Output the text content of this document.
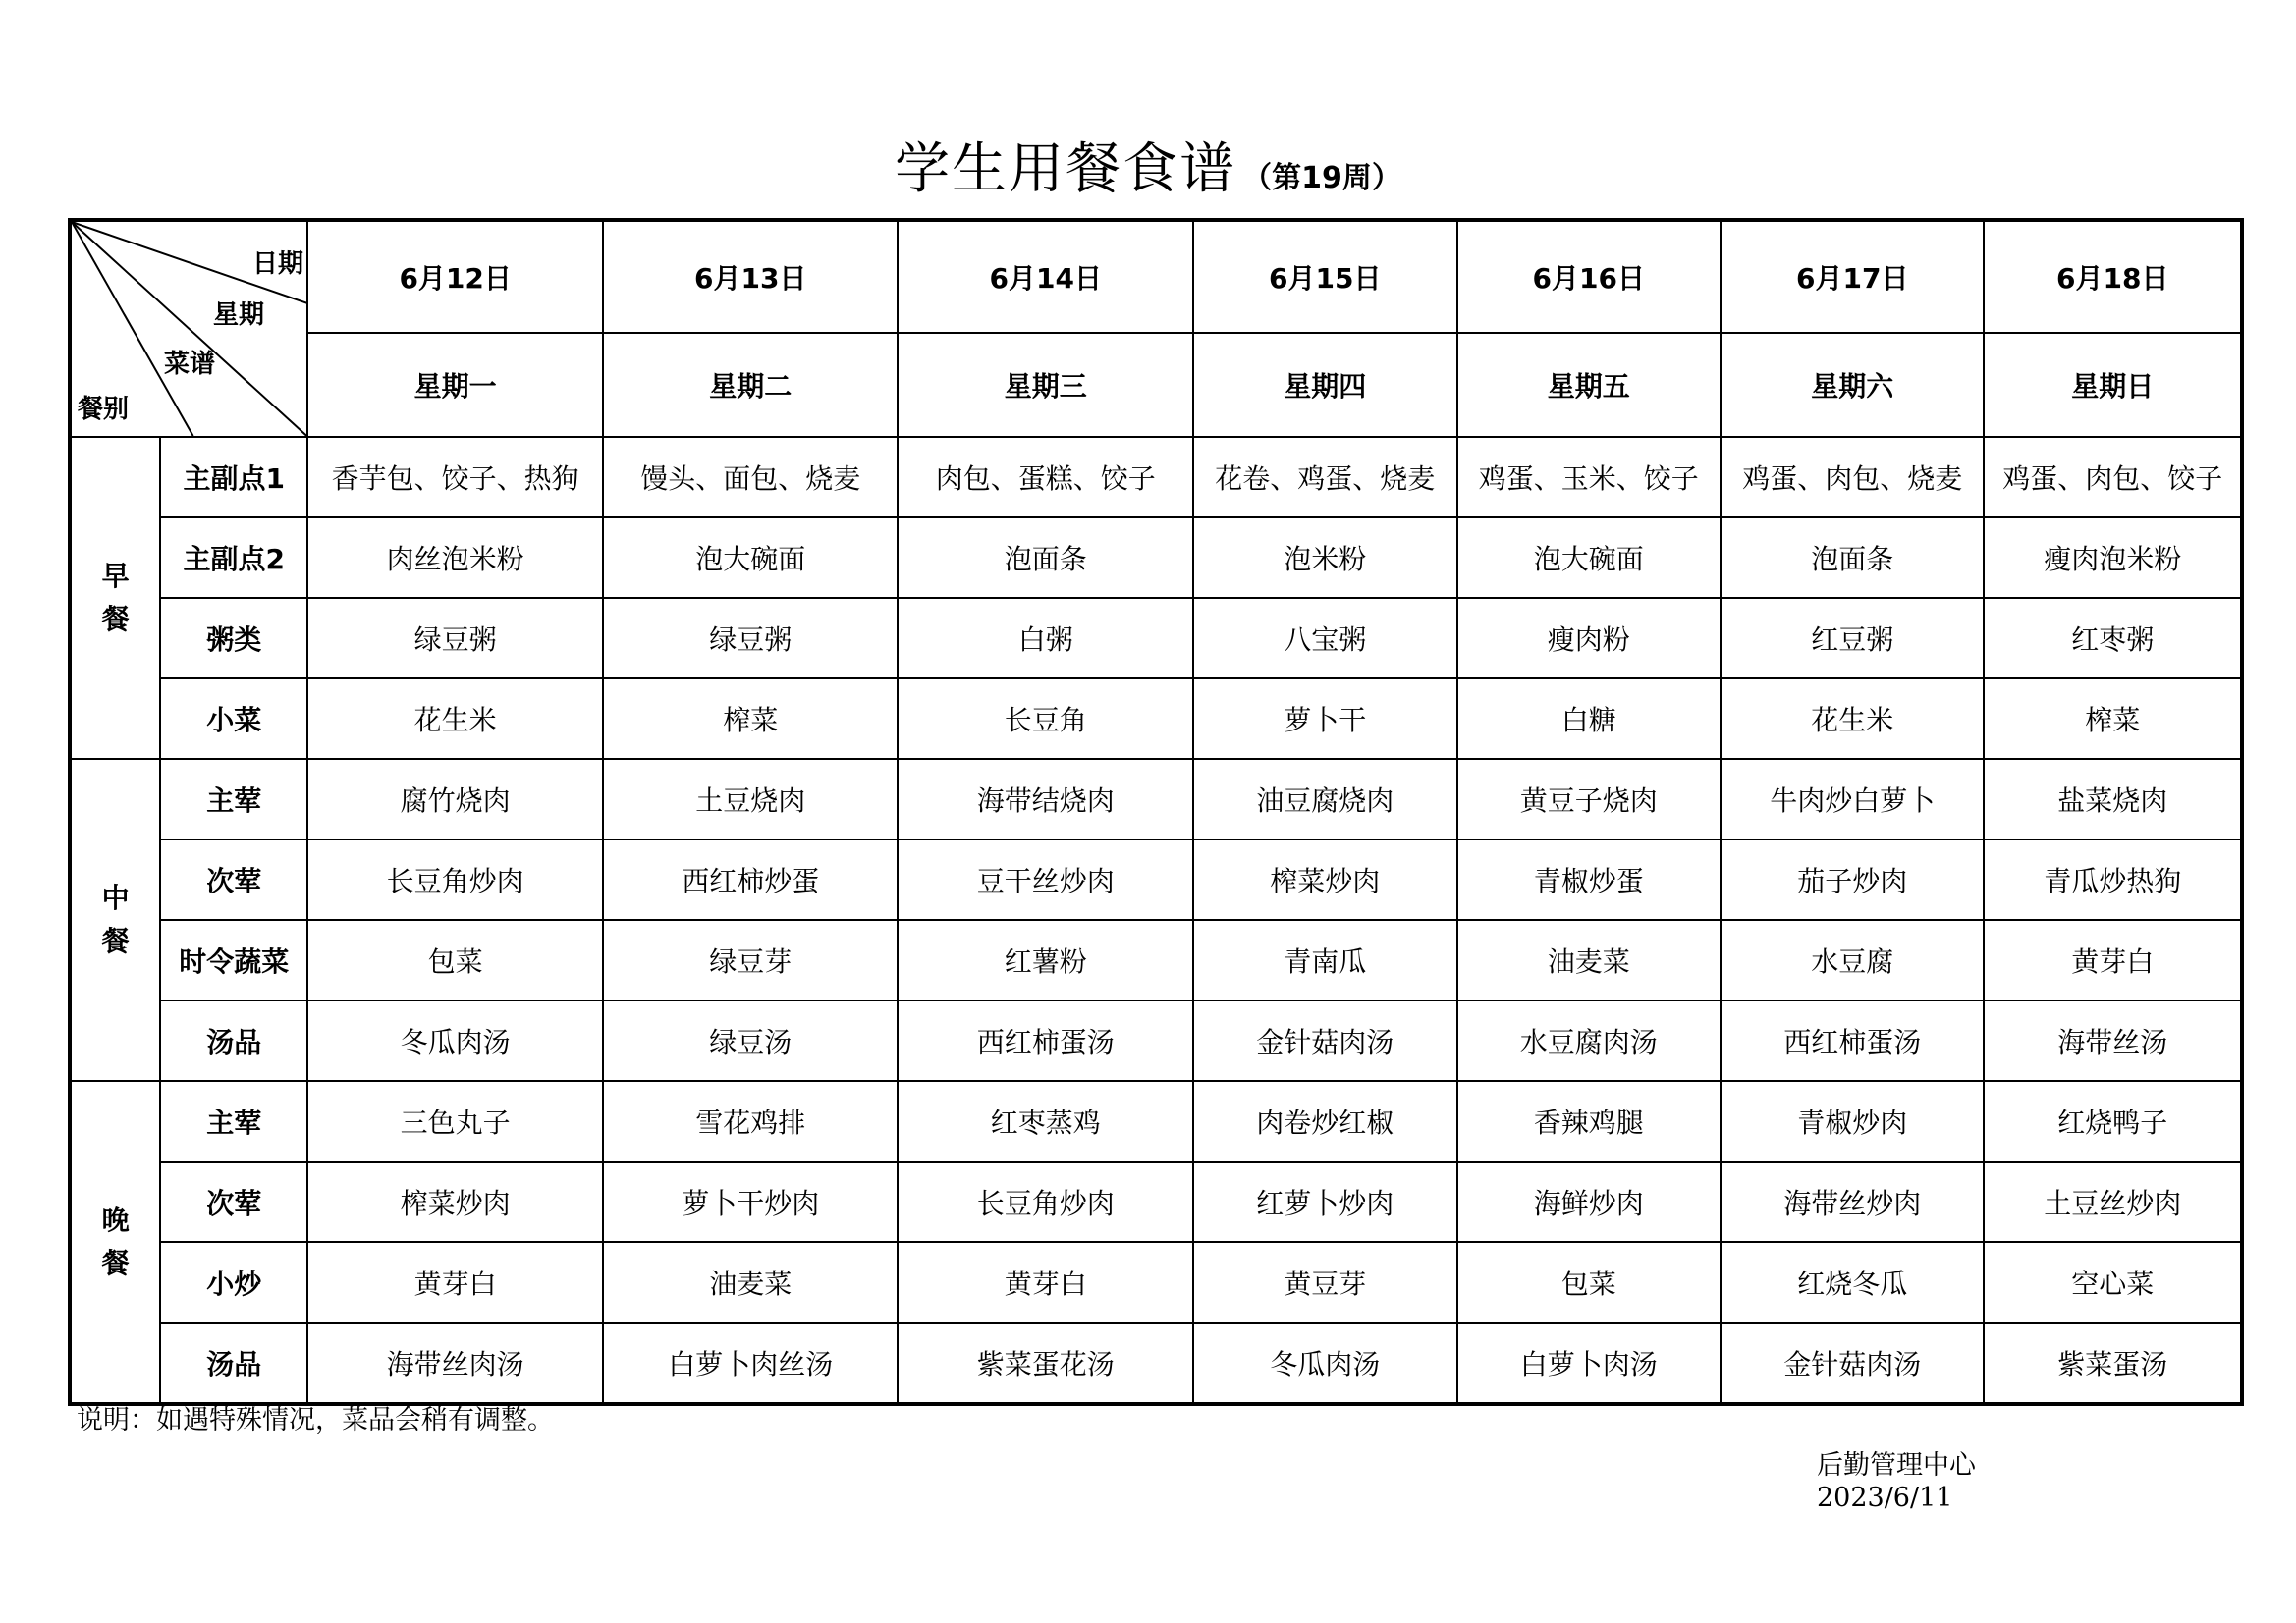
学生用餐食谱 （第19周）
日期
星期
菜谱
餐别		6月12日	6月13日	6月14日	6月15日	6月16日	6月17日	6月18日
		星期一	星期二	星期三	星期四	星期五	星期六	星期日

早
餐	主副点1	香芋包、饺子、热狗	馒头、面包、烧麦	肉包、蛋糕、饺子	花卷、鸡蛋、烧麦	鸡蛋、玉米、饺子	鸡蛋、肉包、烧麦	鸡蛋、肉包、饺子
	主副点2	肉丝泡米粉	泡大碗面	泡面条	泡米粉	泡大碗面	泡面条	瘦肉泡米粉
	粥类	绿豆粥	绿豆粥	白粥	八宝粥	瘦肉粉	红豆粥	红枣粥
	小菜	花生米	榨菜	长豆角	萝卜干	白糖	花生米	榨菜

中
餐	主荤	腐竹烧肉	土豆烧肉	海带结烧肉	油豆腐烧肉	黄豆子烧肉	牛肉炒白萝卜	盐菜烧肉
	次荤	长豆角炒肉	西红柿炒蛋	豆干丝炒肉	榨菜炒肉	青椒炒蛋	茄子炒肉	青瓜炒热狗
	时令蔬菜	包菜	绿豆芽	红薯粉	青南瓜	油麦菜	水豆腐	黄芽白
	汤品	冬瓜肉汤	绿豆汤	西红柿蛋汤	金针菇肉汤	水豆腐肉汤	西红柿蛋汤	海带丝汤

晚
餐	主荤	三色丸子	雪花鸡排	红枣蒸鸡	肉卷炒红椒	香辣鸡腿	青椒炒肉	红烧鸭子
	次荤	榨菜炒肉	萝卜干炒肉	长豆角炒肉	红萝卜炒肉	海鲜炒肉	海带丝炒肉	土豆丝炒肉
	小炒	黄芽白	油麦菜	黄芽白	黄豆芽	包菜	红烧冬瓜	空心菜
	汤品	海带丝肉汤	白萝卜肉丝汤	紫菜蛋花汤	冬瓜肉汤	白萝卜肉汤	金针菇肉汤	紫菜蛋汤
说明：如遇特殊情况，菜品会稍有调整。
后勤管理中心
2023/6/11
